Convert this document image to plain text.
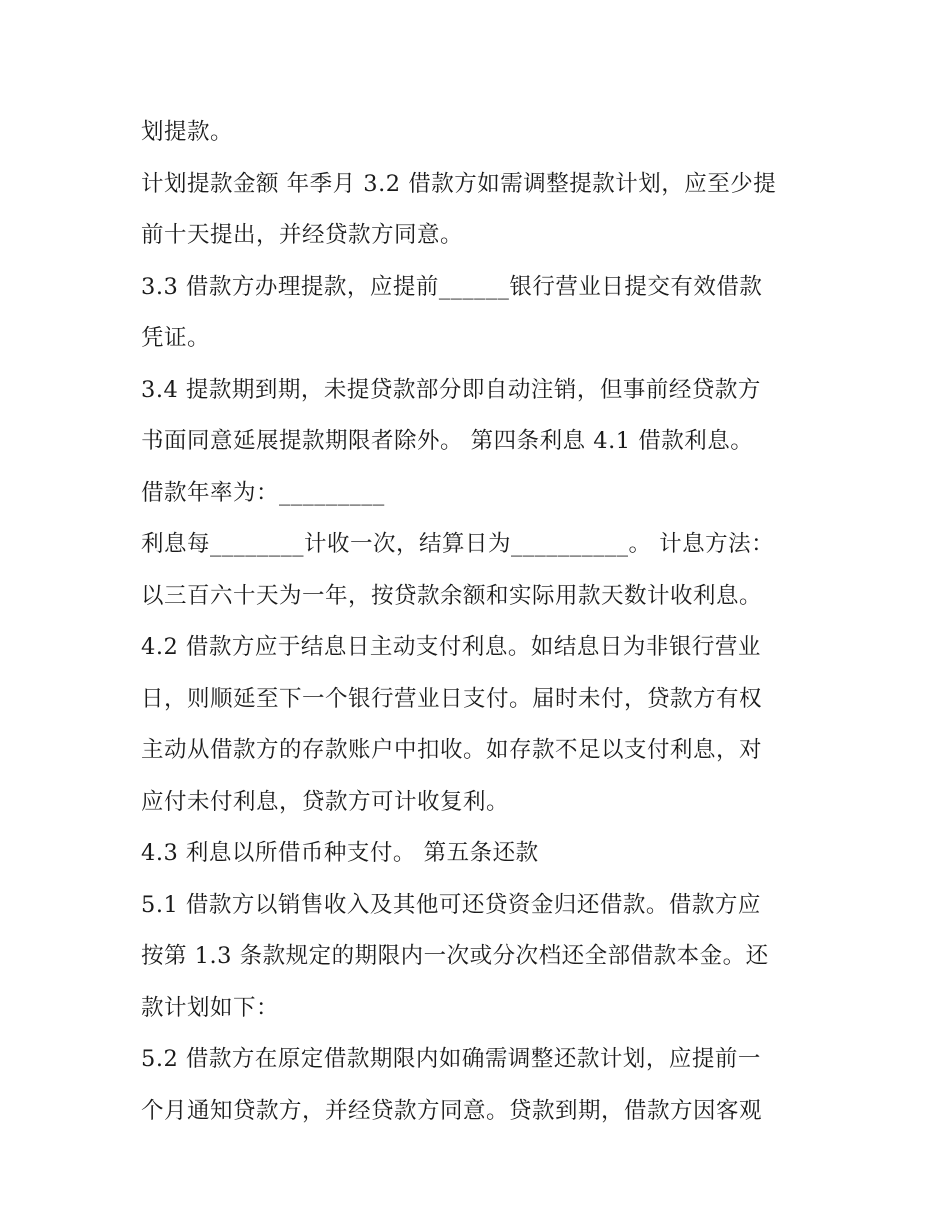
划提款。
计划提款金额 年季月 3.2 借款方如需调整提款计划，应至少提
前十天提出，并经贷款方同意。
3.3 借款方办理提款，应提前______银行营业日提交有效借款
凭证。
3.4 提款期到期，未提贷款部分即自动注销，但事前经贷款方
书面同意延展提款期限者除外。 第四条利息 4.1 借款利息。
借款年率为：_________
利息每________计收一次，结算日为__________。 计息方法：
以三百六十天为一年，按贷款余额和实际用款天数计收利息。
4.2 借款方应于结息日主动支付利息。如结息日为非银行营业
日，则顺延至下一个银行营业日支付。届时未付，贷款方有权
主动从借款方的存款账户中扣收。如存款不足以支付利息，对
应付未付利息，贷款方可计收复利。
4.3 利息以所借币种支付。 第五条还款
5.1 借款方以销售收入及其他可还贷资金归还借款。借款方应
按第 1.3 条款规定的期限内一次或分次档还全部借款本金。还
款计划如下：
5.2 借款方在原定借款期限内如确需调整还款计划，应提前一
个月通知贷款方，并经贷款方同意。贷款到期，借款方因客观
